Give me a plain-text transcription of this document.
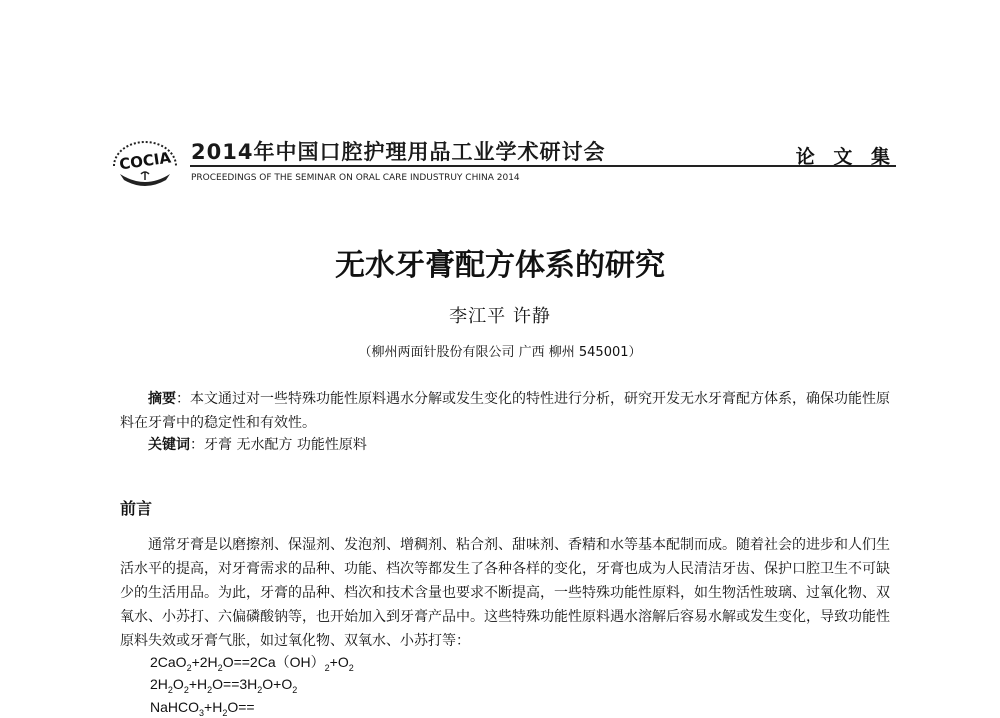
COCIA 2014年中国口腔护理用品工业学术研讨会	论 文 集
PROCEEDINGS OF THE SEMINAR ON ORAL CARE INDUSTRUY CHINA 2014
无水牙膏配方体系的研究
李江平 许静
（柳州两面针股份有限公司 广西 柳州 545001）
摘要：本文通过对一些特殊功能性原料遇水分解或发生变化的特性进行分析，研究开发无水牙膏配方体系，确保功能性原料在牙膏中的稳定性和有效性。
关键词：牙膏 无水配方 功能性原料
前言
通常牙膏是以磨擦剂、保湿剂、发泡剂、增稠剂、粘合剂、甜味剂、香精和水等基本配制而成。随着社会的进步和人们生活水平的提高，对牙膏需求的品种、功能、档次等都发生了各种各样的变化，牙膏也成为人民清洁牙齿、保护口腔卫生不可缺少的生活用品。为此，牙膏的品种、档次和技术含量也要求不断提高，一些特殊功能性原料，如生物活性玻璃、过氧化物、双氧水、小苏打、六偏磷酸钠等，也开始加入到牙膏产品中。这些特殊功能性原料遇水溶解后容易水解或发生变化，导致功能性原料失效或牙膏气胀，如过氧化物、双氧水、小苏打等：
$2CaO_2+2H_2O==2Ca(OH)_2+O_2$
$2H_2O_2+H_2O==3H_2O+O_2$
$NaHCO_3+H_2O==$
